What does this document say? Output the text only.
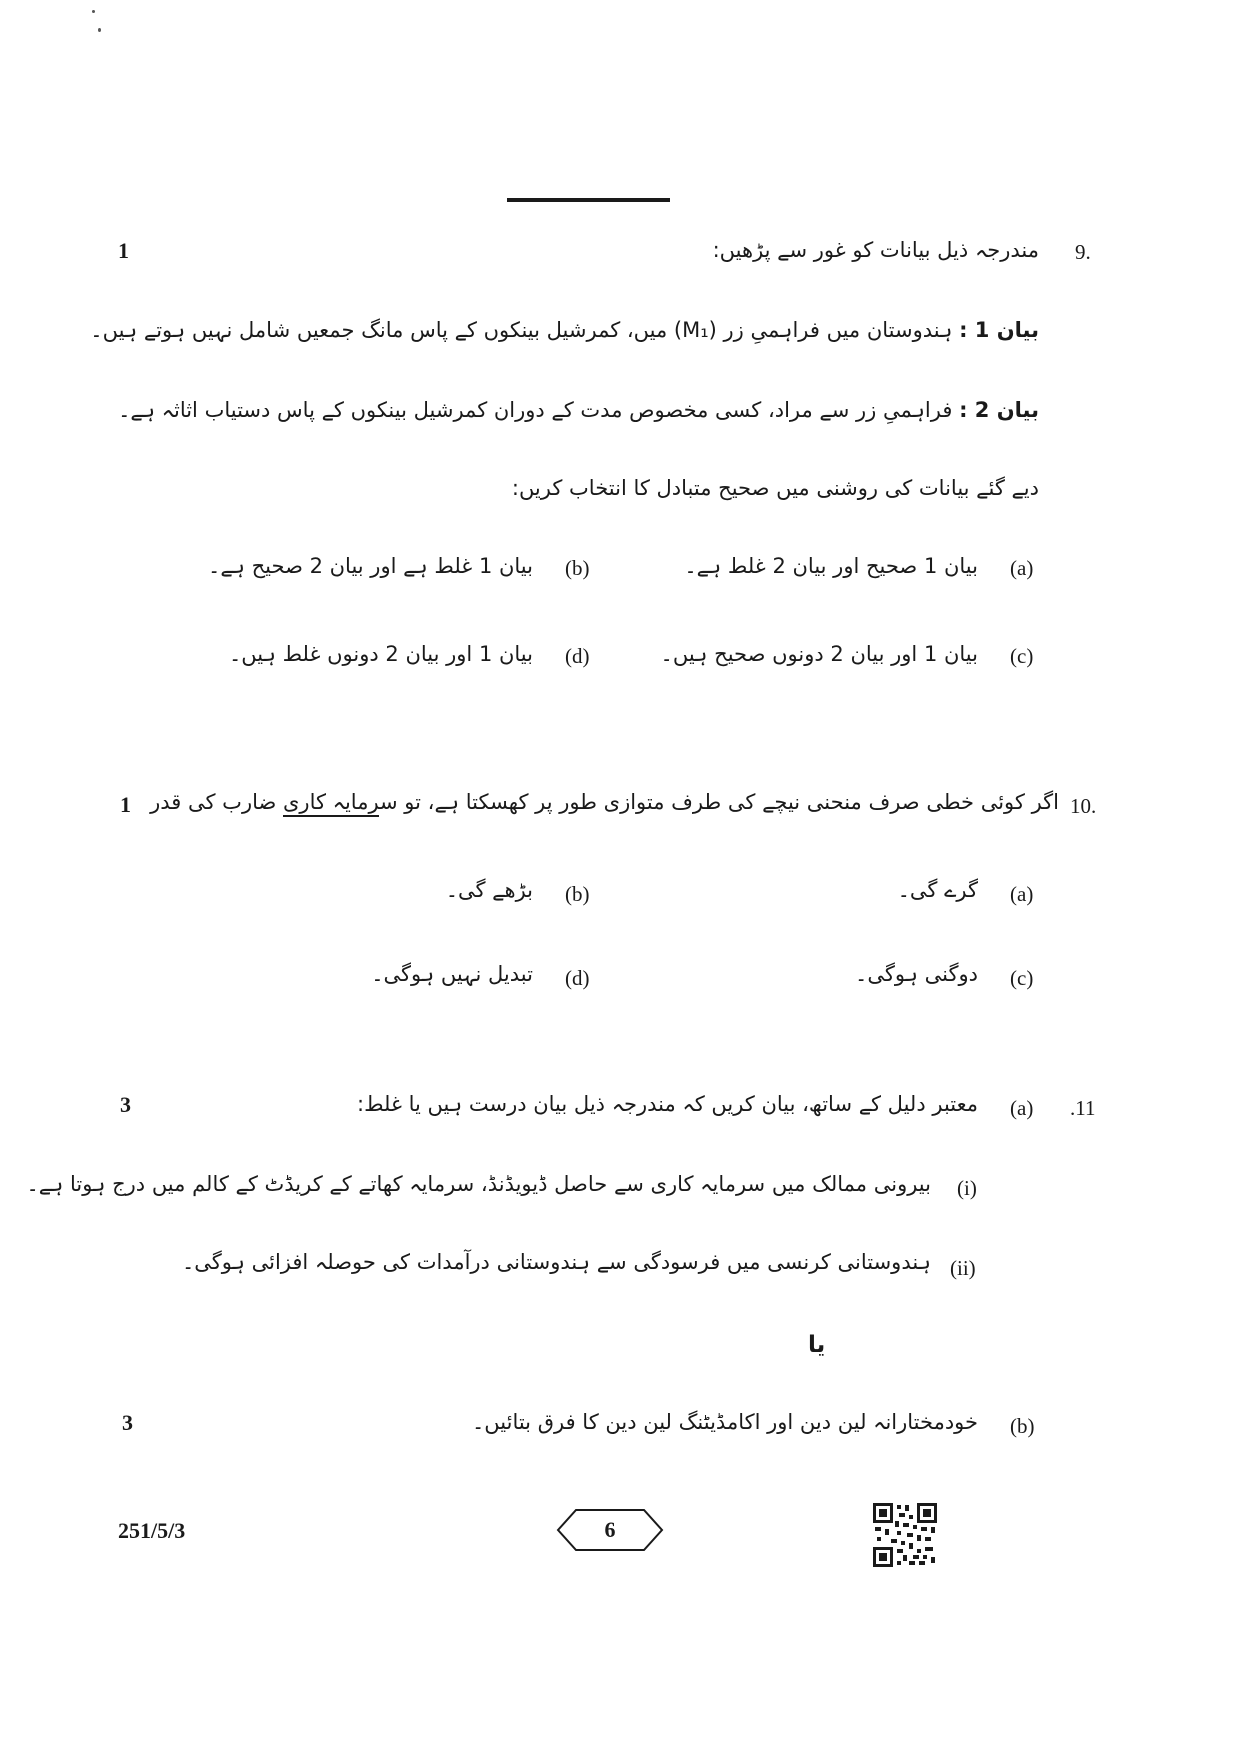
1	9.
مندرجہ ذیل بیانات کو غور سے پڑھیں:
بیان 1 : ہندوستان میں فراہمیِ زر (M₁) میں، کمرشیل بینکوں کے پاس مانگ جمعیں شامل نہیں ہوتے ہیں۔
بیان 2 : فراہمیِ زر سے مراد، کسی مخصوص مدت کے دوران کمرشیل بینکوں کے پاس دستیاب اثاثہ ہے۔
دیے گئے بیانات کی روشنی میں صحیح متبادل کا انتخاب کریں:
(a)
بیان 1 صحیح اور بیان 2 غلط ہے۔
(b)
بیان 1 غلط ہے اور بیان 2 صحیح ہے۔
(c)
بیان 1 اور بیان 2 دونوں صحیح ہیں۔
(d)
بیان 1 اور بیان 2 دونوں غلط ہیں۔
1	10.
اگر کوئی خطی صرف منحنی نیچے کی طرف متوازی طور پر کھسکتا ہے، تو سرمایہ کاری ضارب کی قدر
(a)
گرے گی۔
(b)
بڑھے گی۔
(c)
دوگنی ہوگی۔
(d)
تبدیل نہیں ہوگی۔
3	.11
(a)
معتبر دلیل کے ساتھ، بیان کریں کہ مندرجہ ذیل بیان درست ہیں یا غلط:
(i)
بیرونی ممالک میں سرمایہ کاری سے حاصل ڈیویڈنڈ، سرمایہ کھاتے کے کریڈٹ کے کالم میں درج ہوتا ہے۔
(ii)
ہندوستانی کرنسی میں فرسودگی سے ہندوستانی درآمدات کی حوصلہ افزائی ہوگی۔
یا
3	(b)
خودمختارانہ لین دین اور اکامڈیٹنگ لین دین کا فرق بتائیں۔
251/5/3	6
